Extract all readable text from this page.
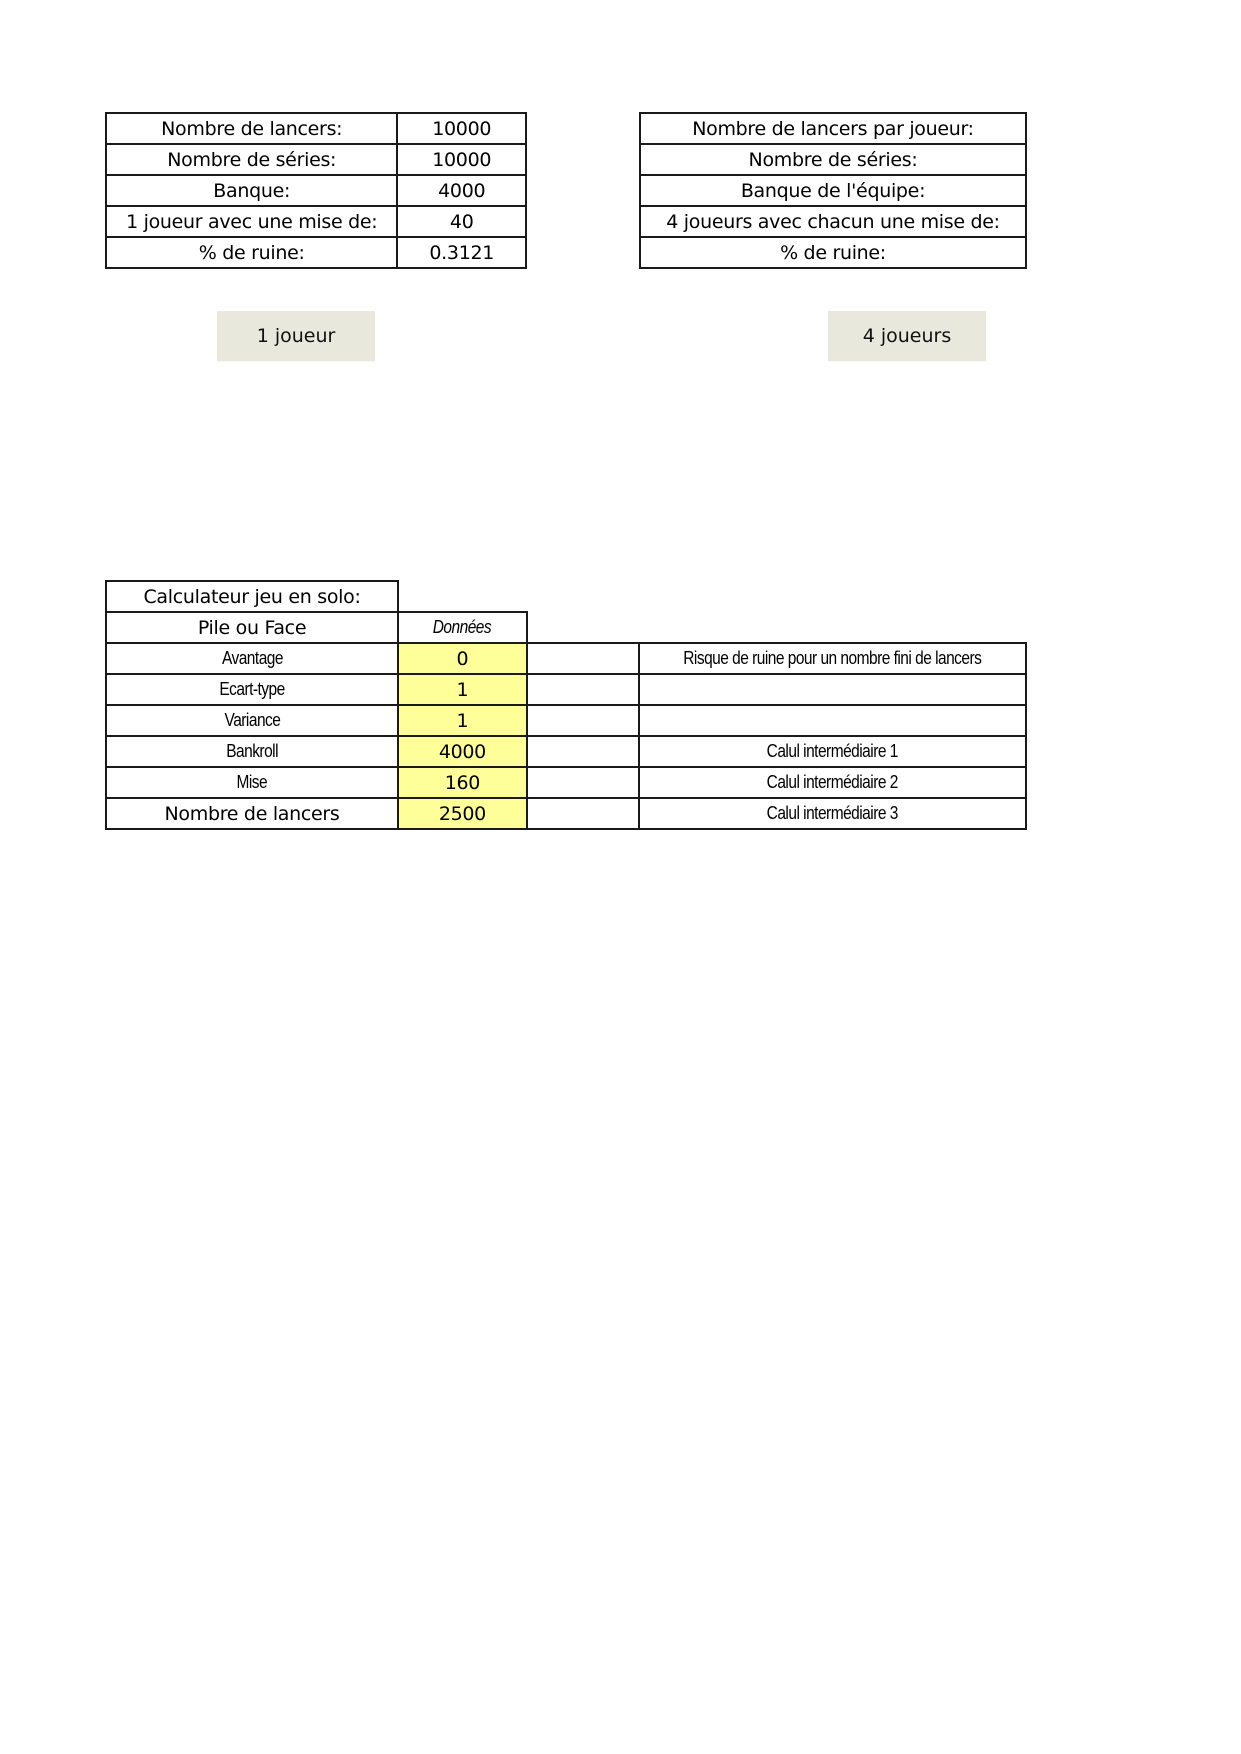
Nombre de lancers:	10000
Nombre de séries:	10000
Banque:	4000
1 joueur avec une mise de:	40
% de ruine:	0.3121
Nombre de lancers par joueur:
Nombre de séries:
Banque de l'équipe:
4 joueurs avec chacun une mise de:
% de ruine:
1 joueur	4 joueurs
Calculateur jeu en solo:			
Pile ou Face	Données		
Avantage	0		Risque de ruine pour un nombre fini de lancers
Ecart-type	1		
Variance	1		
Bankroll	4000		Calul intermédiaire 1
Mise	160		Calul intermédiaire 2
Nombre de lancers	2500		Calul intermédiaire 3
